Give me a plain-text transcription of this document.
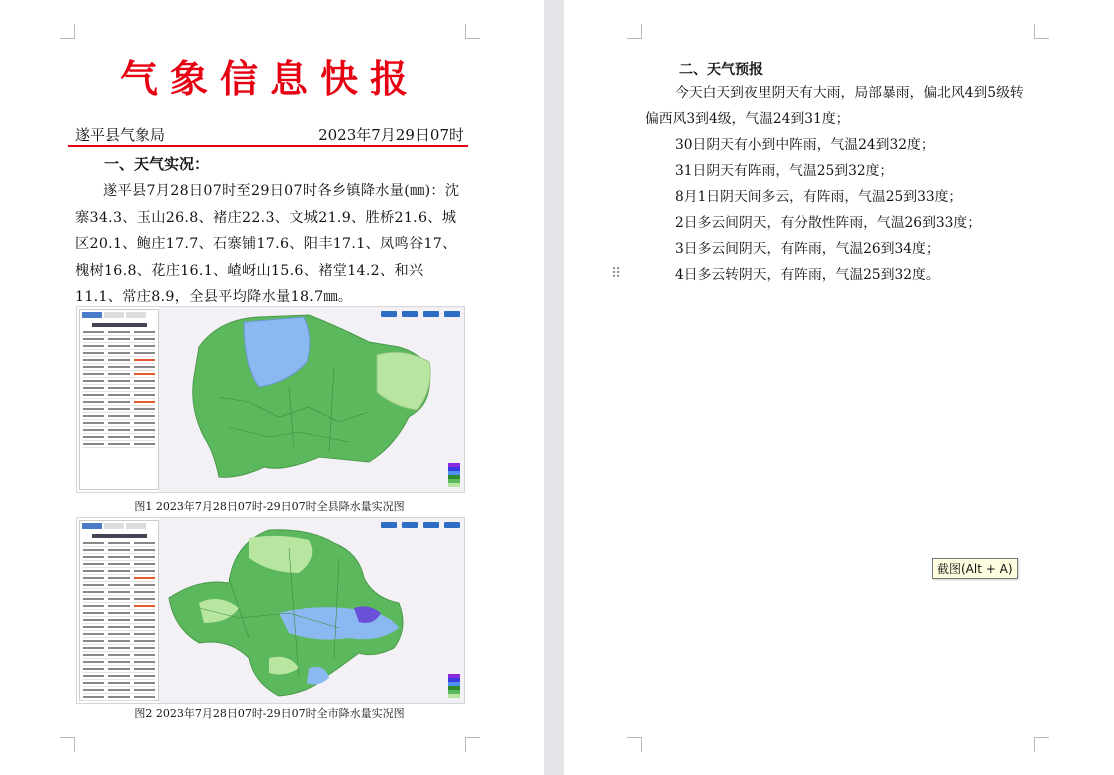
气象信息快报
遂平县气象局	2023年7月29日07时
一、天气实况：
遂平县7月28日07时至29日07时各乡镇降水量(㎜)：沈寨34.3、玉山26.8、褚庄22.3、文城21.9、胜桥21.6、城区20.1、鲍庄17.7、石寨铺17.6、阳丰17.1、凤鸣谷17、槐树16.8、花庄16.1、嵖岈山15.6、褚堂14.2、和兴11.1、常庄8.9，全县平均降水量18.7㎜。
图1 2023年7月28日07时-29日07时全县降水量实况图
图2 2023年7月28日07时-29日07时全市降水量实况图
二、天气预报
今天白天到夜里阴天有大雨，局部暴雨，偏北风4到5级转偏西风3到4级，气温24到31度；
30日阴天有小到中阵雨，气温24到32度；
31日阴天有阵雨，气温25到32度；
8月1日阴天间多云，有阵雨，气温25到33度；
2日多云间阴天，有分散性阵雨，气温26到33度；
3日多云间阴天，有阵雨，气温26到34度；
4日多云转阴天，有阵雨，气温25到32度。
⠿
截图(Alt + A)
